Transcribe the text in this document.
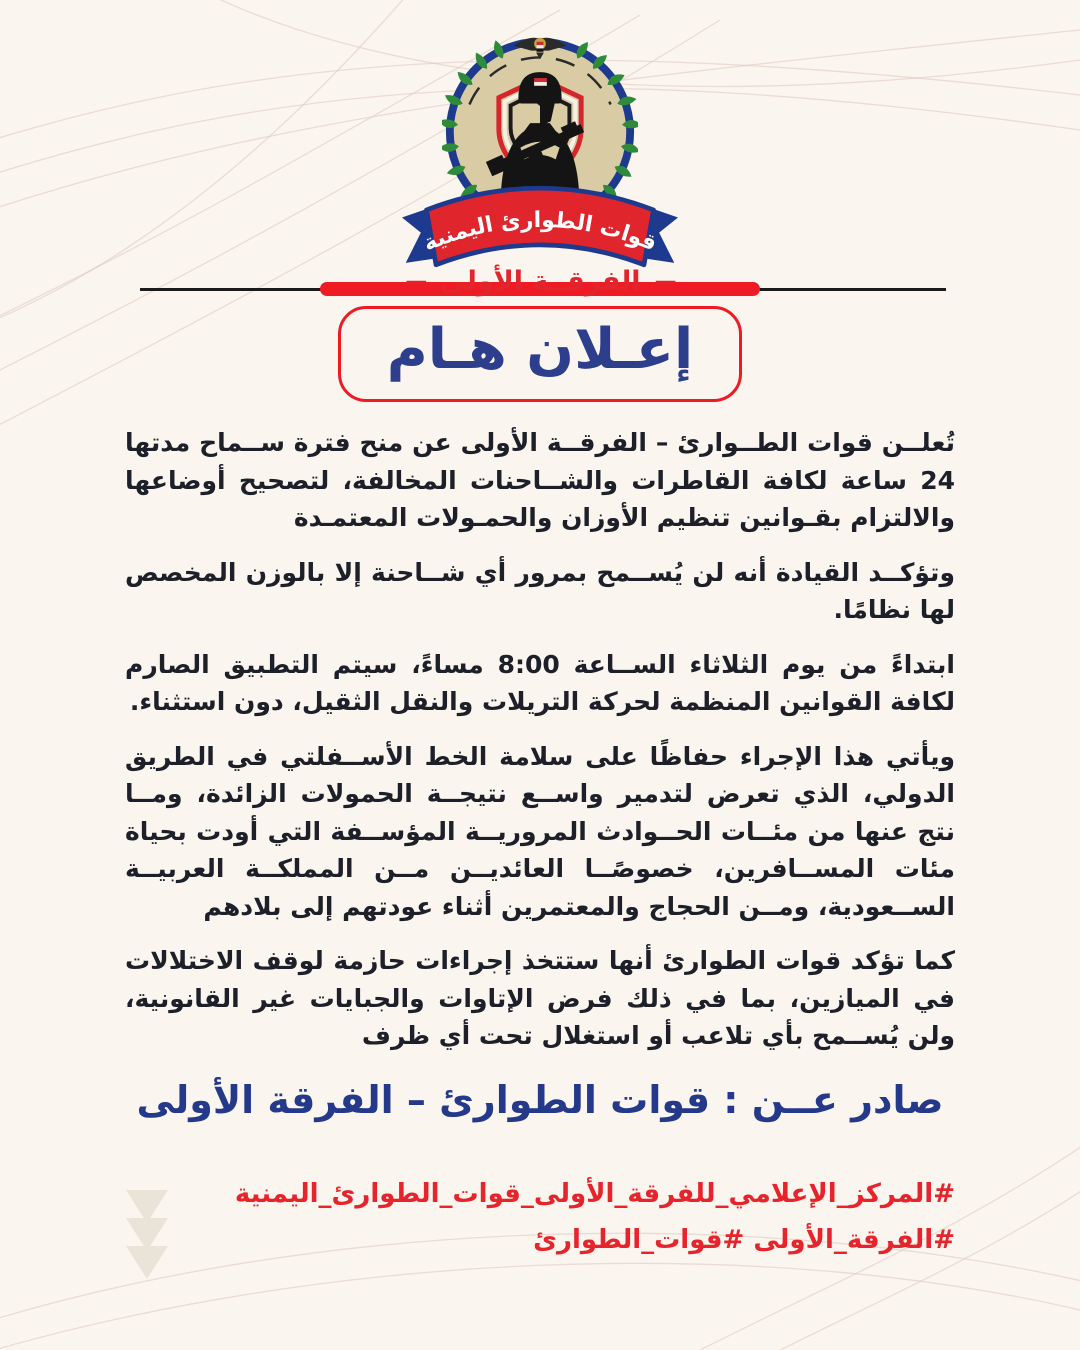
قوات الطوارئ اليمنية
— الفرقــة الأولى —
إعـلان هـام

تُعلــن قوات الطــوارئ – الفرقــة الأولى عن منح فترة ســماح مدتها 24 ساعة لكافة القاطرات والشــاحنات المخالفة، لتصحيح أوضاعها والالتزام بقـوانين تنظيم الأوزان والحمـولات المعتمـدة

وتؤكــد القيادة أنه لن يُســمح بمرور أي شــاحنة إلا بالوزن المخصص لها نظامًا.

ابتداءً من يوم الثلاثاء الســاعة 8:00 مساءً، سيتم التطبيق الصارم لكافة القوانين المنظمة لحركة التريلات والنقل الثقيل، دون استثناء.

ويأتي هذا الإجراء حفاظًا على سلامة الخط الأســفلتي في الطريق الدولي، الذي تعرض لتدمير واســع نتيجــة الحمولات الزائدة، ومــا نتج عنها من مئــات الحــوادث المروريــة المؤســفة التي أودت بحياة مئات المســافرين، خصوصًــا العائديــن مــن المملكــة العربيــة الســعودية، ومــن الحجاج والمعتمرين أثناء عودتهم إلى بلادهم

كما تؤكد قوات الطوارئ أنها ستتخذ إجراءات حازمة لوقف الاختلالات في الميازين، بما في ذلك فرض الإتاوات والجبايات غير القانونية، ولن يُســمح بأي تلاعب أو استغلال تحت أي ظرف

صادر عــن : قوات الطوارئ – الفرقة الأولى
#المركز_الإعلامي_للفرقة_الأولى_قوات_الطوارئ_اليمنية
#الفرقة_الأولى #قوات_الطوارئ
